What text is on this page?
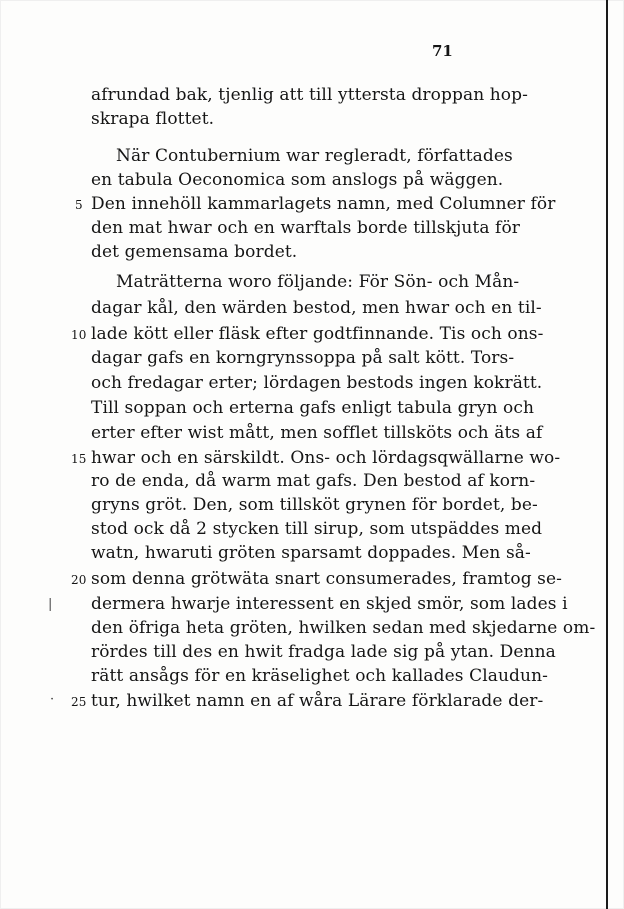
71
afrundad bak, tjenlig att till yttersta droppan hop-
skrapa flottet.
När Contubernium war regleradt, författades
en tabula Oeconomica som anslogs på wäggen.
5 Den innehöll kammarlagets namn, med Columner för
den mat hwar och en warftals borde tillskjuta för
det gemensama bordet.
Maträtterna woro följande: För Sön- och Mån-
dagar kål, den wärden bestod, men hwar och en til-
10 lade kött eller fläsk efter godtfinnande. Tis och ons-
dagar gafs en korngrynssoppa på salt kött. Tors-
och fredagar erter; lördagen bestods ingen kokrätt.
Till soppan och erterna gafs enligt tabula gryn och
erter efter wist mått, men sofflet tillsköts och äts af
15 hwar och en särskildt. Ons- och lördagsqwällarne wo-
ro de enda, då warm mat gafs. Den bestod af korn-
gryns gröt. Den, som tillsköt grynen för bordet, be-
stod ock då 2 stycken till sirup, som utspäddes med
watn, hwaruti gröten sparsamt doppades. Men så-
20 som denna grötwäta snart consumerades, framtog se-
dermera hwarje interessent en skjed smör, som lades i
den öfriga heta gröten, hwilken sedan med skjedarne om-
rördes till des en hwit fradga lade sig på ytan. Denna
rätt ansågs för en kräselighet och kallades Claudun-
25 tur, hwilket namn en af wåra Lärare förklarade der-
|
·
